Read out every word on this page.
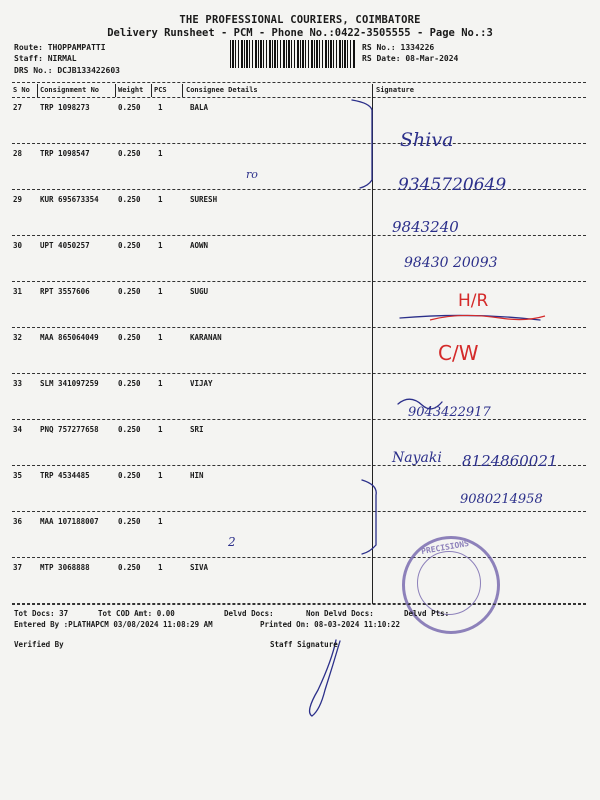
THE PROFESSIONAL COURIERS, COIMBATORE
Delivery Runsheet - PCM - Phone No.:0422-3505555 - Page No.:3
Route: THOPPAMPATTI
Staff: NIRMAL
DRS No.: DCJB133422603
RS No.: 1334226
RS Date: 08-Mar-2024
S No Consignment No	Weight PCS	Consignee Details	Signature
27 TRP 1098273	0.250 1	BALA
28 TRP 1098547	0.250 1
29 KUR 695673354	0.250 1	SURESH
30 UPT 4050257	0.250 1	AOWN
31 RPT 3557606	0.250 1	SUGU
32 MAA 865064049	0.250 1	KARANAN
33 SLM 341097259	0.250 1	VIJAY
34 PNQ 757277658	0.250 1	SRI
35 TRP 4534485	0.250 1	HIN
36 MAA 107188007	0.250 1
37 MTP 3068888	0.250 1	SIVA
Shiva
9345720649
9843240
98430 20093
9043422917
Nayaki 8124860021
9080214958
ro
2
H/R
C/W
PRECISIONS
Tot Docs: 37	Tot COD Amt: 0.00	Delvd Docs:	Non Delvd Docs:	Delvd Pts:
Entered By :PLATHAPCM 03/08/2024 11:08:29 AM	Printed On: 08-03-2024 11:10:22
Verified By	Staff Signature
